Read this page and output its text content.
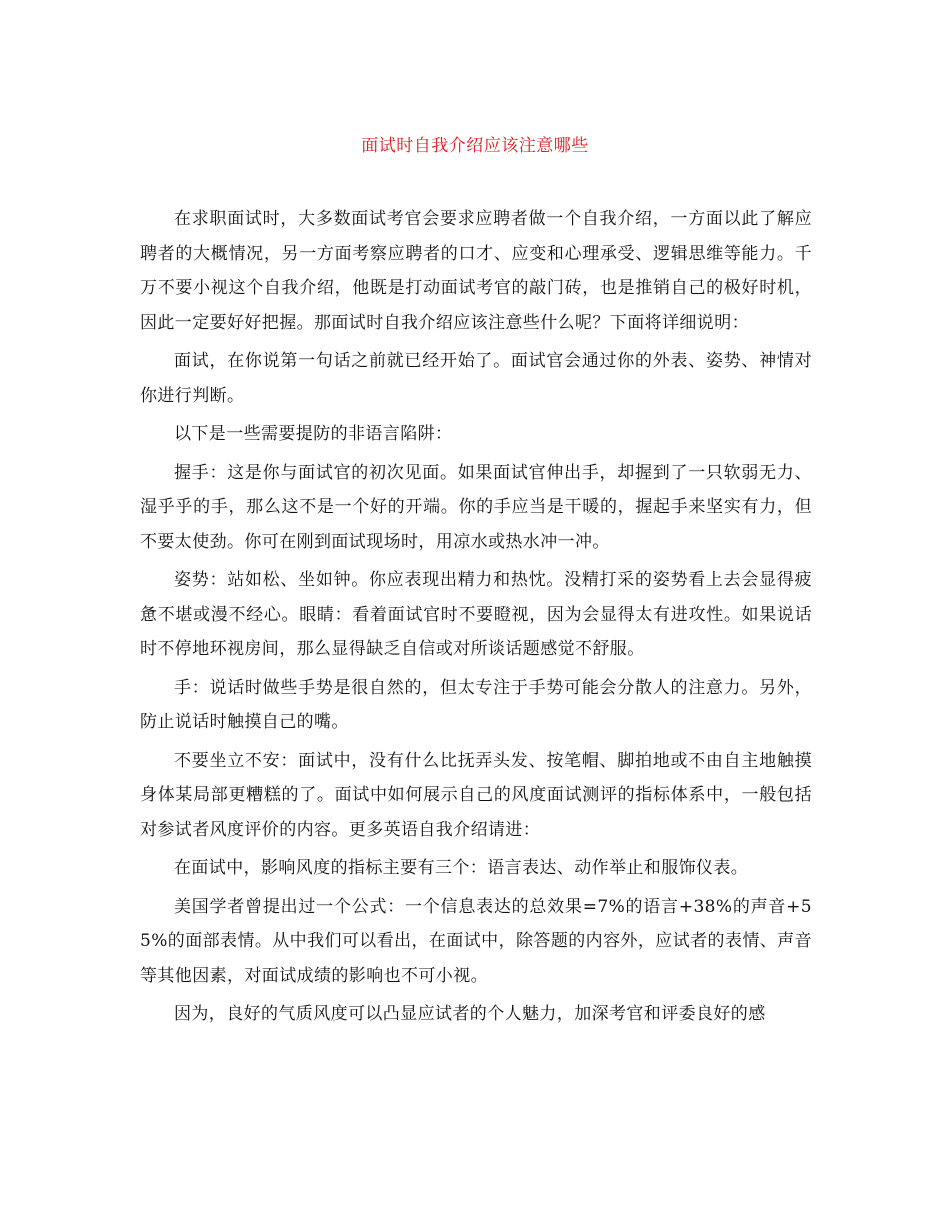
面试时自我介绍应该注意哪些

在求职面试时，大多数面试考官会要求应聘者做一个自我介绍，一方面以此了解应聘者的大概情况，另一方面考察应聘者的口才、应变和心理承受、逻辑思维等能力。千万不要小视这个自我介绍，他既是打动面试考官的敲门砖，也是推销自己的极好时机，因此一定要好好把握。那面试时自我介绍应该注意些什么呢？下面将详细说明：

面试，在你说第一句话之前就已经开始了。面试官会通过你的外表、姿势、神情对你进行判断。

以下是一些需要提防的非语言陷阱：

握手：这是你与面试官的初次见面。如果面试官伸出手，却握到了一只软弱无力、湿乎乎的手，那么这不是一个好的开端。你的手应当是干暖的，握起手来坚实有力，但不要太使劲。你可在刚到面试现场时，用凉水或热水冲一冲。

姿势：站如松、坐如钟。你应表现出精力和热忱。没精打采的姿势看上去会显得疲惫不堪或漫不经心。眼睛：看着面试官时不要瞪视，因为会显得太有进攻性。如果说话时不停地环视房间，那么显得缺乏自信或对所谈话题感觉不舒服。

手：说话时做些手势是很自然的，但太专注于手势可能会分散人的注意力。另外，防止说话时触摸自己的嘴。

不要坐立不安：面试中，没有什么比抚弄头发、按笔帽、脚拍地或不由自主地触摸身体某局部更糟糕的了。面试中如何展示自己的风度面试测评的指标体系中，一般包括对参试者风度评价的内容。更多英语自我介绍请进：

在面试中，影响风度的指标主要有三个：语言表达、动作举止和服饰仪表。

美国学者曾提出过一个公式：一个信息表达的总效果=7%的语言+38%的声音+55%的面部表情。从中我们可以看出，在面试中，除答题的内容外，应试者的表情、声音等其他因素，对面试成绩的影响也不可小视。

因为，良好的气质风度可以凸显应试者的个人魅力，加深考官和评委良好的感
